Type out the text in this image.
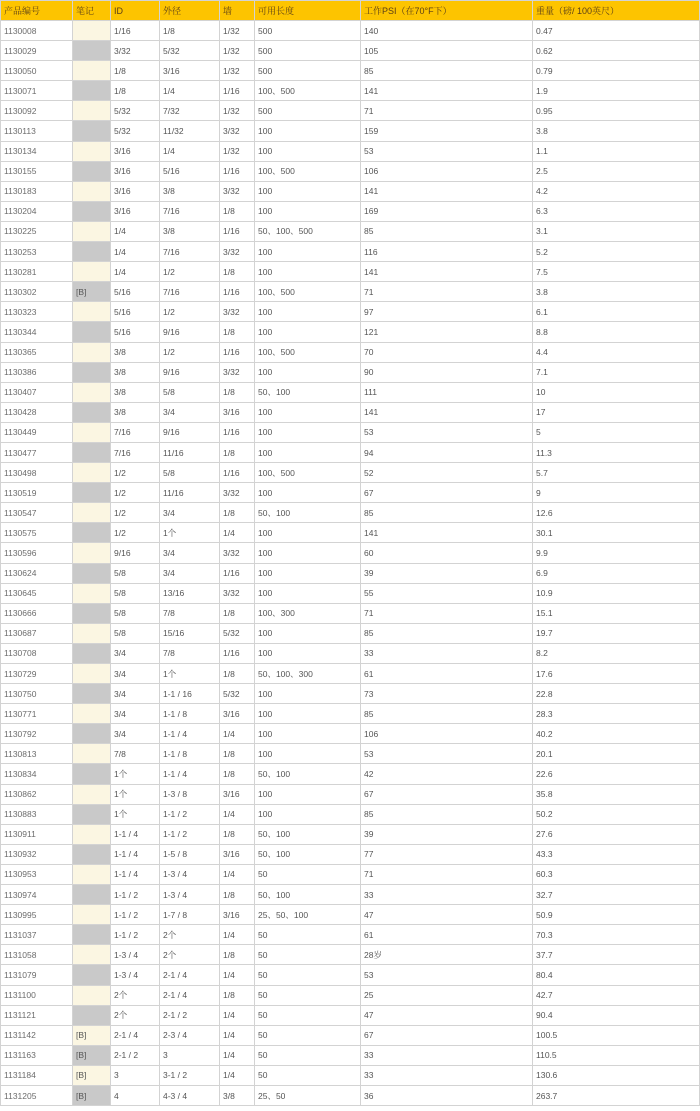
产品编号	笔记	ID	外径	墙	可用长度	工作PSI（在70°F下）	重量（磅/ 100英尺）
1130008		1/16	1/8	1/32	500	140	0.47
1130029		3/32	5/32	1/32	500	105	0.62
1130050		1/8	3/16	1/32	500	85	0.79
1130071		1/8	1/4	1/16	100、500	141	1.9
1130092		5/32	7/32	1/32	500	71	0.95
1130113		5/32	11/32	3/32	100	159	3.8
1130134		3/16	1/4	1/32	100	53	1.1
1130155		3/16	5/16	1/16	100、500	106	2.5
1130183		3/16	3/8	3/32	100	141	4.2
1130204		3/16	7/16	1/8	100	169	6.3
1130225		1/4	3/8	1/16	50、100、500	85	3.1
1130253		1/4	7/16	3/32	100	116	5.2
1130281		1/4	1/2	1/8	100	141	7.5
1130302	[B]	5/16	7/16	1/16	100、500	71	3.8
1130323		5/16	1/2	3/32	100	97	6.1
1130344		5/16	9/16	1/8	100	121	8.8
1130365		3/8	1/2	1/16	100、500	70	4.4
1130386		3/8	9/16	3/32	100	90	7.1
1130407		3/8	5/8	1/8	50、100	111	10
1130428		3/8	3/4	3/16	100	141	17
1130449		7/16	9/16	1/16	100	53	5
1130477		7/16	11/16	1/8	100	94	11.3
1130498		1/2	5/8	1/16	100、500	52	5.7
1130519		1/2	11/16	3/32	100	67	9
1130547		1/2	3/4	1/8	50、100	85	12.6
1130575		1/2	1个	1/4	100	141	30.1
1130596		9/16	3/4	3/32	100	60	9.9
1130624		5/8	3/4	1/16	100	39	6.9
1130645		5/8	13/16	3/32	100	55	10.9
1130666		5/8	7/8	1/8	100、300	71	15.1
1130687		5/8	15/16	5/32	100	85	19.7
1130708		3/4	7/8	1/16	100	33	8.2
1130729		3/4	1个	1/8	50、100、300	61	17.6
1130750		3/4	1-1 / 16	5/32	100	73	22.8
1130771		3/4	1-1 / 8	3/16	100	85	28.3
1130792		3/4	1-1 / 4	1/4	100	106	40.2
1130813		7/8	1-1 / 8	1/8	100	53	20.1
1130834		1个	1-1 / 4	1/8	50、100	42	22.6
1130862		1个	1-3 / 8	3/16	100	67	35.8
1130883		1个	1-1 / 2	1/4	100	85	50.2
1130911		1-1 / 4	1-1 / 2	1/8	50、100	39	27.6
1130932		1-1 / 4	1-5 / 8	3/16	50、100	77	43.3
1130953		1-1 / 4	1-3 / 4	1/4	50	71	60.3
1130974		1-1 / 2	1-3 / 4	1/8	50、100	33	32.7
1130995		1-1 / 2	1-7 / 8	3/16	25、50、100	47	50.9
1131037		1-1 / 2	2个	1/4	50	61	70.3
1131058		1-3 / 4	2个	1/8	50	28岁	37.7
1131079		1-3 / 4	2-1 / 4	1/4	50	53	80.4
1131100		2个	2-1 / 4	1/8	50	25	42.7
1131121		2个	2-1 / 2	1/4	50	47	90.4
1131142	[B]	2-1 / 4	2-3 / 4	1/4	50	67	100.5
1131163	[B]	2-1 / 2	3	1/4	50	33	110.5
1131184	[B]	3	3-1 / 2	1/4	50	33	130.6
1131205	[B]	4	4-3 / 4	3/8	25、50	36	263.7
